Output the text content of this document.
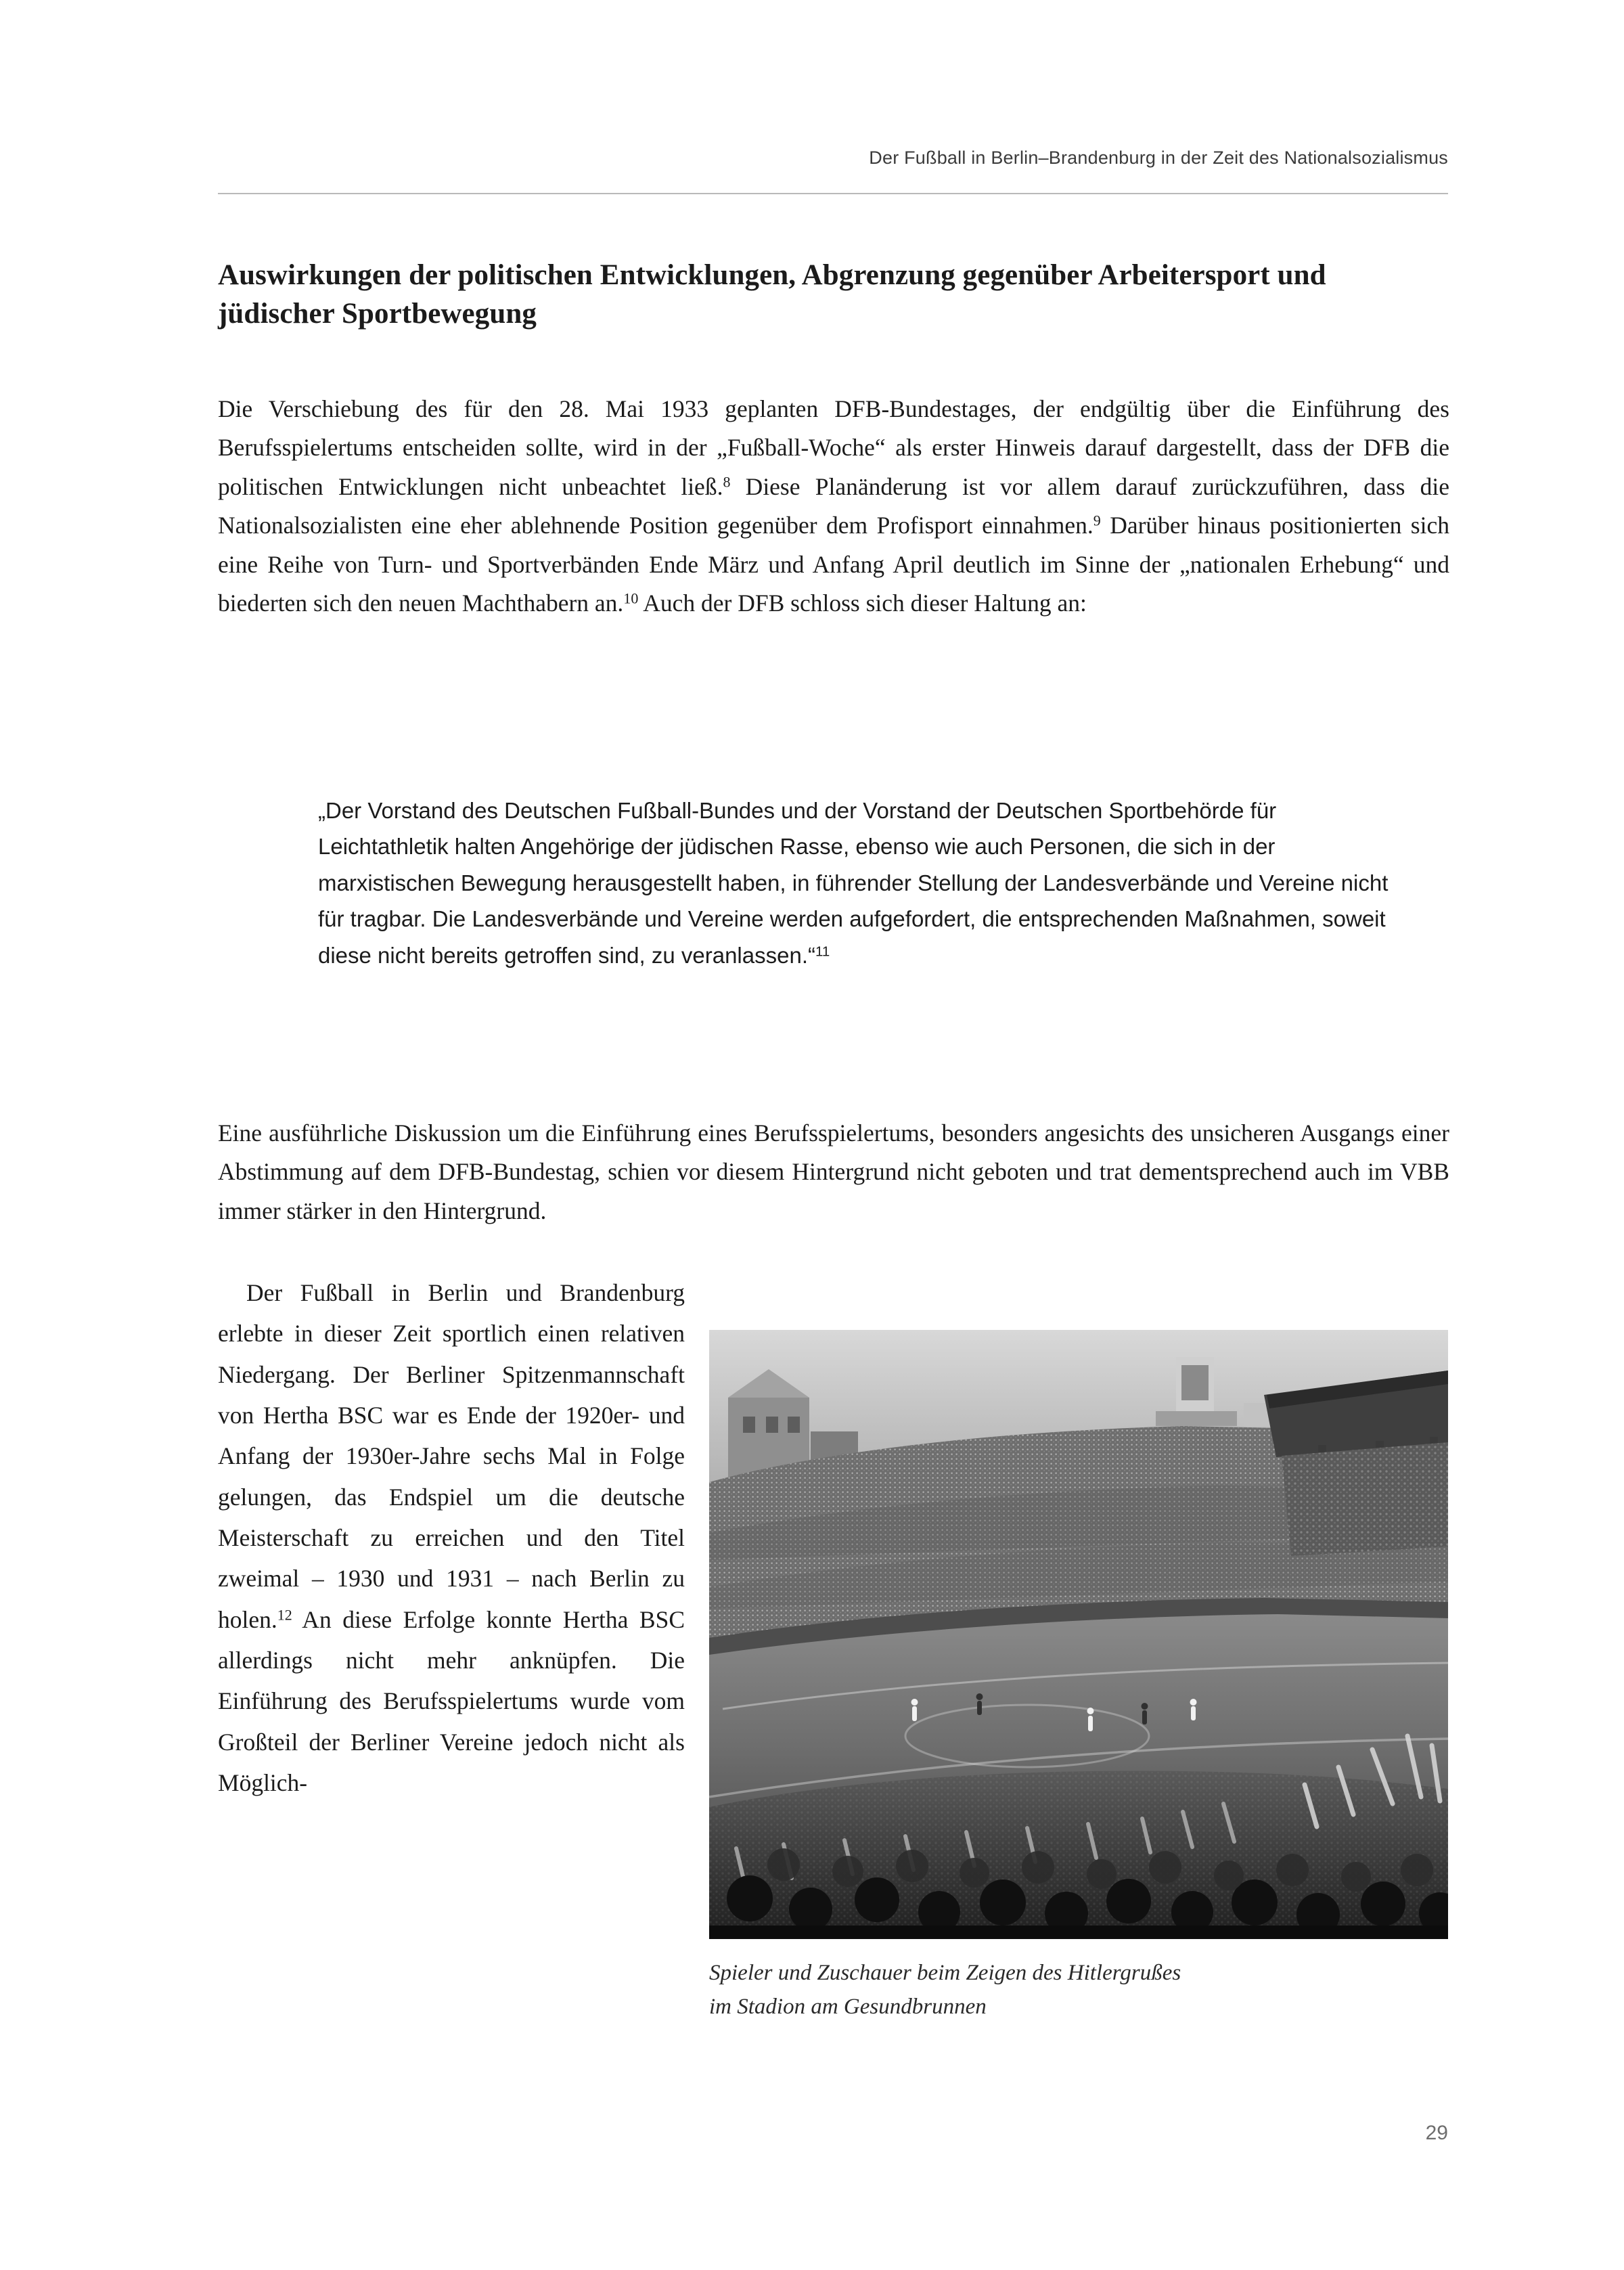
Der Fußball in Berlin–Brandenburg in der Zeit des Nationalsozialismus
Auswirkungen der politischen Entwicklungen, Abgrenzung gegenüber Arbeitersport und jüdischer Sportbewegung

Die Verschiebung des für den 28. Mai 1933 geplanten DFB-Bundestages, der endgültig über die Einführung des Berufsspielertums entscheiden sollte, wird in der „Fußball-Woche“ als erster Hinweis darauf dargestellt, dass der DFB die politischen Entwicklungen nicht unbeachtet ließ.$^8$ Diese Planänderung ist vor allem darauf zurückzuführen, dass die Nationalsozialisten eine eher ablehnende Position gegenüber dem Profisport einnahmen.$^9$ Darüber hinaus positionierten sich eine Reihe von Turn- und Sportverbänden Ende März und Anfang April deutlich im Sinne der „nationalen Erhebung“ und biederten sich den neuen Machthabern an.$^{10}$ Auch der DFB schloss sich dieser Haltung an:

„Der Vorstand des Deutschen Fußball-Bundes und der Vorstand der Deutschen Sportbehörde für Leichtathletik halten Angehörige der jüdischen Rasse, ebenso wie auch Personen, die sich in der marxistischen Bewegung herausgestellt haben, in führender Stellung der Landesverbände und Vereine nicht für tragbar. Die Landesverbände und Vereine werden aufgefordert, die entsprechenden Maßnahmen, soweit diese nicht bereits getroffen sind, zu veranlassen.“$^{11}$

Eine ausführliche Diskussion um die Einführung eines Berufsspielertums, besonders angesichts des unsicheren Ausgangs einer Abstimmung auf dem DFB-Bundestag, schien vor diesem Hintergrund nicht geboten und trat dementsprechend auch im VBB immer stärker in den Hintergrund.

Der Fußball in Berlin und Brandenburg erlebte in dieser Zeit sportlich einen relativen Niedergang. Der Berliner Spitzenmannschaft von Hertha BSC war es Ende der 1920er- und Anfang der 1930er-Jahre sechs Mal in Folge gelungen, das Endspiel um die deutsche Meisterschaft zu erreichen und den Titel zweimal – 1930 und 1931 – nach Berlin zu holen.$^{12}$ An diese Erfolge konnte Hertha BSC allerdings nicht mehr anknüpfen. Die Einführung des Berufsspielertums wurde vom Großteil der Berliner Vereine jedoch nicht als Möglich-
Spieler und Zuschauer beim Zeigen des Hitlergrußes
im Stadion am Gesundbrunnen
29
